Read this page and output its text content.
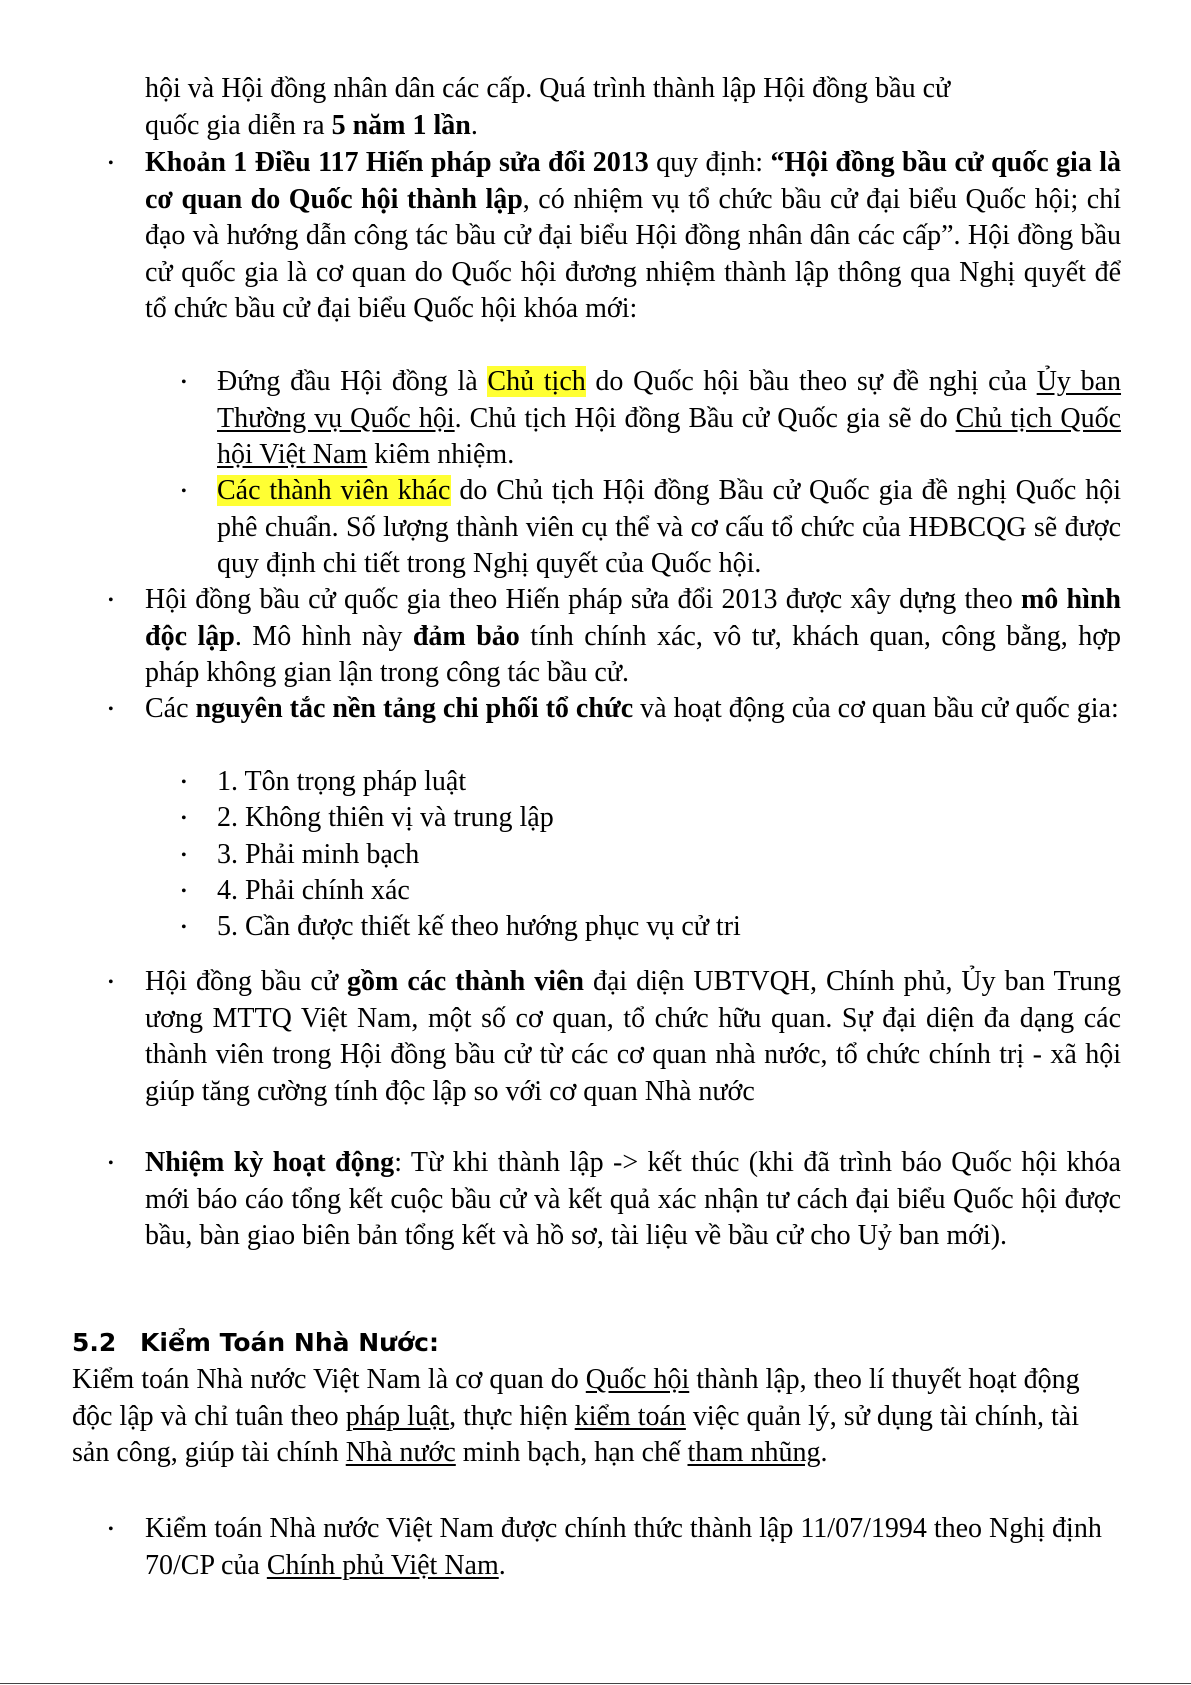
hội và Hội đồng nhân dân các cấp. Quá trình thành lập Hội đồng bầu cử
quốc gia diễn ra 5 năm 1 lần.

• Khoản 1 Điều 117 Hiến pháp sửa đổi 2013 quy định: “Hội đồng bầu cử quốc gia là cơ quan do Quốc hội thành lập, có nhiệm vụ tổ chức bầu cử đại biểu Quốc hội; chỉ đạo và hướng dẫn công tác bầu cử đại biểu Hội đồng nhân dân các cấp”. Hội đồng bầu cử quốc gia là cơ quan do Quốc hội đương nhiệm thành lập thông qua Nghị quyết để tổ chức bầu cử đại biểu Quốc hội khóa mới:

• Đứng đầu Hội đồng là Chủ tịch do Quốc hội bầu theo sự đề nghị của Ủy ban Thường vụ Quốc hội. Chủ tịch Hội đồng Bầu cử Quốc gia sẽ do Chủ tịch Quốc hội Việt Nam kiêm nhiệm.

• Các thành viên khác do Chủ tịch Hội đồng Bầu cử Quốc gia đề nghị Quốc hội phê chuẩn. Số lượng thành viên cụ thể và cơ cấu tổ chức của HĐBCQG sẽ được quy định chi tiết trong Nghị quyết của Quốc hội.

• Hội đồng bầu cử quốc gia theo Hiến pháp sửa đổi 2013 được xây dựng theo mô hình độc lập. Mô hình này đảm bảo tính chính xác, vô tư, khách quan, công bằng, hợp pháp không gian lận trong công tác bầu cử.

• Các nguyên tắc nền tảng chi phối tổ chức và hoạt động của cơ quan bầu cử quốc gia:

• 1. Tôn trọng pháp luật

• 2. Không thiên vị và trung lập

• 3. Phải minh bạch

• 4. Phải chính xác

• 5. Cần được thiết kế theo hướng phục vụ cử tri

• Hội đồng bầu cử gồm các thành viên đại diện UBTVQH, Chính phủ, Ủy ban Trung ương MTTQ Việt Nam, một số cơ quan, tổ chức hữu quan. Sự đại diện đa dạng các thành viên trong Hội đồng bầu cử từ các cơ quan nhà nước, tổ chức chính trị - xã hội giúp tăng cường tính độc lập so với cơ quan Nhà nước

• Nhiệm kỳ hoạt động: Từ khi thành lập -> kết thúc (khi đã trình báo Quốc hội khóa mới báo cáo tổng kết cuộc bầu cử và kết quả xác nhận tư cách đại biểu Quốc hội được bầu, bàn giao biên bản tổng kết và hồ sơ, tài liệu về bầu cử cho Uỷ ban mới).

5.2 Kiểm Toán Nhà Nước:

Kiểm toán Nhà nước Việt Nam là cơ quan do Quốc hội thành lập, theo lí thuyết hoạt động độc lập và chỉ tuân theo pháp luật, thực hiện kiểm toán việc quản lý, sử dụng tài chính, tài sản công, giúp tài chính Nhà nước minh bạch, hạn chế tham nhũng.

• Kiểm toán Nhà nước Việt Nam được chính thức thành lập 11/07/1994 theo Nghị định 70/CP của Chính phủ Việt Nam.
